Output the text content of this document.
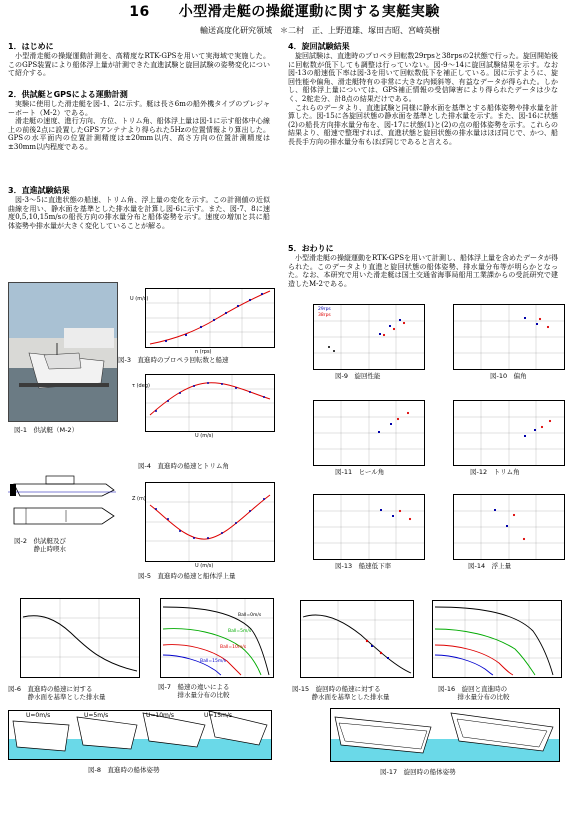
16　　小型滑走艇の操縦運動に関する実艇実験
輸送高度化研究領域　＊二村　正、上野道雄、塚田吉昭、宮崎英樹
1．はじめに
小型滑走艇の操縦運動計測を、高精度なRTK-GPSを用いて実海域で実施した。このGPS装置により船体浮上量が計測できた直進試験と旋回試験の姿勢変化について紹介する。
2．供試艇とGPSによる運動計測
実験に使用した滑走艇を図-1、2に示す。艇は長さ6mの船外機タイプのプレジャーボート（M-2）である。
滑走艇の速度、進行方向、方位、トリム角、船体浮上量は図-1に示す船体中心線上の前後2点に設置したGPSアンテナより得られた5Hzの位置情報より算出した。GPSの水平面内の位置計測精度は±20mm以内、高さ方向の位置計測精度は±30mm以内程度である。
3．直進試験結果
図-3～5に直進状態の船速、トリム角、浮上量の変化を示す。この計測値の近似曲線を用い、静水面を基準とした排水量を計算し図-6に示す。また、図-7、8に速度0,5,10,15m/sの船長方向の排水量分布と船体姿勢を示す。速度の増加と共に船体姿勢や排水量が大きく変化していることが解る。
4．旋回試験結果
旋回試験は、直進時のプロペラ回転数29rpsと38rpsの2状態で行った。旋回開始後に回転数が低下しても調整は行っていない。図-9～14に旋回試験結果を示す。なお図-13の船速低下率は図-3を用いて回転数低下を補正している。図に示すように、旋回性能や偏角、滑走艇特有の非常に大きな内傾斜等、有益なデータが得られた。しかし、船体浮上量については、GPS補正情報の受信障害により得られたデータは少なく、2舵走分、計8点の結果だけである。
これらのデータより、直進試験と同様に静水面を基準とする船体姿勢や排水量を計算した。図-15に各旋回状態の静水面を基準とした排水量を示す。また、図-16に状態(2)の船長方向排水量分布を、図-17に状態(1)と(2)の点の船体姿勢を示す。これらの結果より、船速で整理すれば、直進状態と旋回状態の排水量はほぼ同じで、かつ、船長長手方向の排水量分布もほぼ同じであると言える。
5．おわりに
小型滑走艇の操縦運動をRTK-GPSを用いて計測し、船体浮上量を含めたデータが得られた。このデータより直進と旋回状態の船体姿勢、排水量分布等が明らかとなった。なお、本研究で用いた滑走艇は国土交通省海事局船用工業課からの受託研究で建造したM-2である。
図-1　供試艇（M-2）
図-2　供試艇及び
　　　静止時喫水
U (m/s)
n (rps)
図-3　直進時のプロペラ回転数と船速
τ (deg)
U (m/s)
図-4　直進時の船速とトリム角
Z (m)
U (m/s)
図-5　直進時の船速と船体浮上量
図-6　直進時の船速に対する
　　　静水面を基準とした排水量
Ball=0m/s
Ball=5m/s
Ball=10m/s
Ball=15m/s
図-7　船速の違いによる
　　　排水量分布の比較
U=0m/s	U=5m/s	U=10m/s	U=15m/s
図-8　直進時の船体姿勢
29rps
38rps
図-9　旋回性能	図-10　偏角
図-11　ヒール角	図-12　トリム角
図-13　船速低下率	図-14　浮上量
図-15　旋回時の船速に対する
　　　静水面を基準とした排水量
図-16　旋回と直進時の
　　　排水量分布の比較
図-17　旋回時の船体姿勢
